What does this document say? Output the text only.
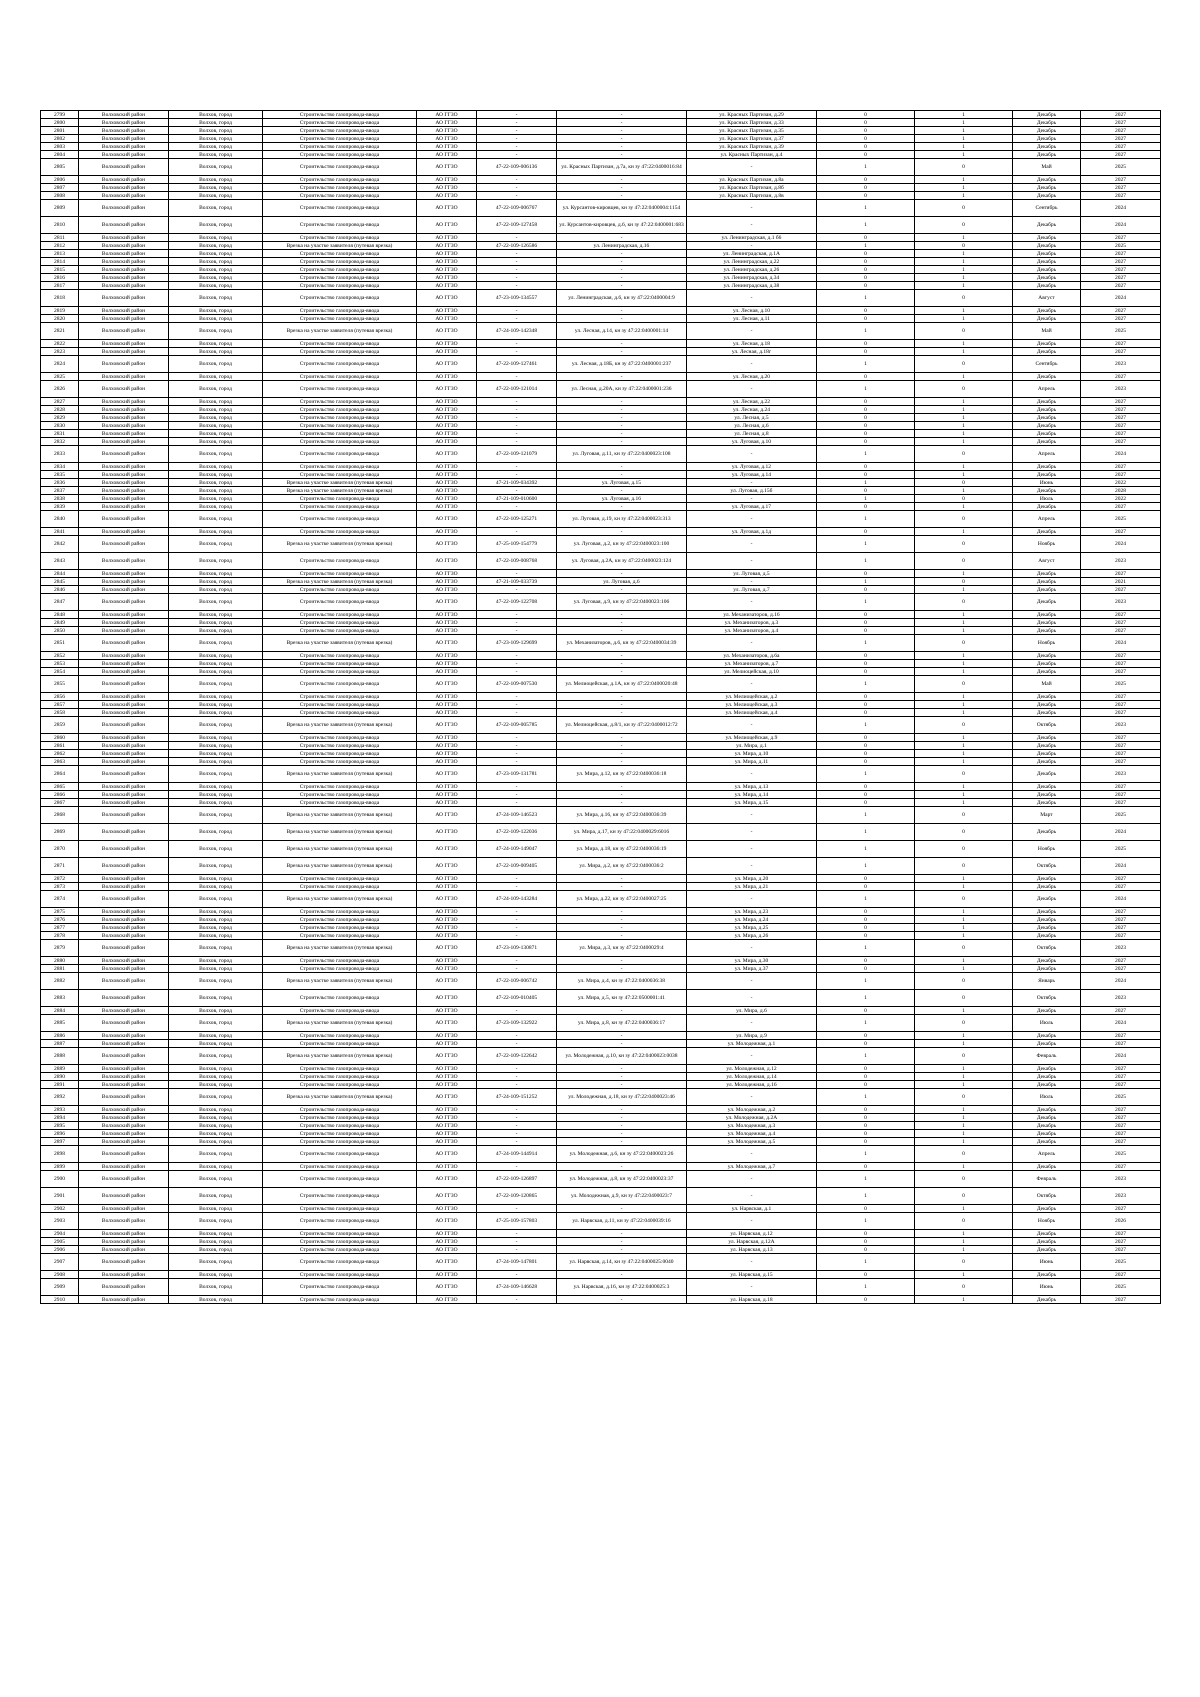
2799	Волховский район	Волхов, город	Строительство газопровода-ввода	АО ГГЗО	-	-	ул. Красных Партизан, д.29	0	1	Декабрь	2027
2800	Волховский район	Волхов, город	Строительство газопровода-ввода	АО ГГЗО	-	-	ул. Красных Партизан, д.33	0	1	Декабрь	2027
2801	Волховский район	Волхов, город	Строительство газопровода-ввода	АО ГГЗО	-	-	ул. Красных Партизан, д.35	0	1	Декабрь	2027
2802	Волховский район	Волхов, город	Строительство газопровода-ввода	АО ГГЗО	-	-	ул. Красных Партизан, д.37	0	1	Декабрь	2027
2803	Волховский район	Волхов, город	Строительство газопровода-ввода	АО ГГЗО	-	-	ул. Красных Партизан, д.39	0	1	Декабрь	2027
2804	Волховский район	Волхов, город	Строительство газопровода-ввода	АО ГГЗО	-	-	ул. Красных Партизан, д.4	0	1	Декабрь	2027
2805	Волховский район	Волхов, город	Строительство газопровода-ввода	АО ГГЗО	47-22-109-006136	ул. Красных Партизан, д.7а, кн зу 47:22:0400016:84	-	1	0	Май	2025
2806	Волховский район	Волхов, город	Строительство газопровода-ввода	АО ГГЗО	-	-	ул. Красных Партизан, д.8а	0	1	Декабрь	2027
2807	Волховский район	Волхов, город	Строительство газопровода-ввода	АО ГГЗО	-	-	ул. Красных Партизан, д.8б	0	1	Декабрь	2027
2808	Волховский район	Волхов, город	Строительство газопровода-ввода	АО ГГЗО	-	-	ул. Красных Партизан, д.8в	0	1	Декабрь	2027
2809	Волховский район	Волхов, город	Строительство газопровода-ввода	АО ГГЗО	47-22-109-006767	ул. Курсантов-кировцев, кн зу 47:22:0400004:1154	-	1	0	Сентябрь	2024
2810	Волховский район	Волхов, город	Строительство газопровода-ввода	АО ГГЗО	47-22-109-127458	ул. Курсантов-кировцев, д.6, кн зу 47:22:0400001:683	-	1	0	Декабрь	2024
2811	Волховский район	Волхов, город	Строительство газопровода-ввода	АО ГГЗО	-	-	ул. Ленинградская, д.1 б6	0	1	Декабрь	2027
2812	Волховский район	Волхов, город	Врезка на участке заявителя (путевая врезка)	АО ГГЗО	47-22-109-126586	ул. Ленинградская, д.16	-	1	0	Декабрь	2025
2813	Волховский район	Волхов, город	Строительство газопровода-ввода	АО ГГЗО	-	-	ул. Ленинградская, д.1А	0	1	Декабрь	2027
2814	Волховский район	Волхов, город	Строительство газопровода-ввода	АО ГГЗО	-	-	ул. Ленинградская, д.22	0	1	Декабрь	2027
2815	Волховский район	Волхов, город	Строительство газопровода-ввода	АО ГГЗО	-	-	ул. Ленинградская, д.26	0	1	Декабрь	2027
2816	Волховский район	Волхов, город	Строительство газопровода-ввода	АО ГГЗО	-	-	ул. Ленинградская, д.34	0	1	Декабрь	2027
2817	Волховский район	Волхов, город	Строительство газопровода-ввода	АО ГГЗО	-	-	ул. Ленинградская, д.38	0	1	Декабрь	2027
2818	Волховский район	Волхов, город	Строительство газопровода-ввода	АО ГГЗО	47-23-109-134557	ул. Ленинградская, д.6, кн зу 47:22:0400004:9	-	1	0	Август	2024
2819	Волховский район	Волхов, город	Строительство газопровода-ввода	АО ГГЗО	-	-	ул. Лесная, д.10	0	1	Декабрь	2027
2820	Волховский район	Волхов, город	Строительство газопровода-ввода	АО ГГЗО	-	-	ул. Лесная, д.11	0	1	Декабрь	2027
2821	Волховский район	Волхов, город	Врезка на участке заявителя (путевая врезка)	АО ГГЗО	47-24-109-142348	ул. Лесная, д.14, кн зу 47:22:0400001:14	-	1	0	Май	2025
2822	Волховский район	Волхов, город	Строительство газопровода-ввода	АО ГГЗО	-	-	ул. Лесная, д.18	0	1	Декабрь	2027
2823	Волховский район	Волхов, город	Строительство газопровода-ввода	АО ГГЗО	-	-	ул. Лесная, д.18г	0	1	Декабрь	2027
2824	Волховский район	Волхов, город	Строительство газопровода-ввода	АО ГГЗО	47-22-109-127461	ул. Лесная, д.18Б, кн зу 47:22:0400001:237	-	1	0	Сентябрь	2023
2825	Волховский район	Волхов, город	Строительство газопровода-ввода	АО ГГЗО	-	-	ул. Лесная, д.20	0	1	Декабрь	2027
2826	Волховский район	Волхов, город	Строительство газопровода-ввода	АО ГГЗО	47-22-109-121014	ул. Лесная, д.20А, кн зу 47:22:0400001:236	-	1	0	Апрель	2023
2827	Волховский район	Волхов, город	Строительство газопровода-ввода	АО ГГЗО	-	-	ул. Лесная, д.22	0	1	Декабрь	2027
2828	Волховский район	Волхов, город	Строительство газопровода-ввода	АО ГГЗО	-	-	ул. Лесная, д.24	0	1	Декабрь	2027
2829	Волховский район	Волхов, город	Строительство газопровода-ввода	АО ГГЗО	-	-	ул. Лесная, д.5	0	1	Декабрь	2027
2830	Волховский район	Волхов, город	Строительство газопровода-ввода	АО ГГЗО	-	-	ул. Лесная, д.6	0	1	Декабрь	2027
2831	Волховский район	Волхов, город	Строительство газопровода-ввода	АО ГГЗО	-	-	ул. Лесная, д.8	0	1	Декабрь	2027
2832	Волховский район	Волхов, город	Строительство газопровода-ввода	АО ГГЗО	-	-	ул. Луговая, д.10	0	1	Декабрь	2027
2833	Волховский район	Волхов, город	Строительство газопровода-ввода	АО ГГЗО	47-22-109-121079	ул. Луговая, д.11, кн зу 47:22:0400023:108	-	1	0	Апрель	2024
2834	Волховский район	Волхов, город	Строительство газопровода-ввода	АО ГГЗО	-	-	ул. Луговая, д.12	0	1	Декабрь	2027
2835	Волховский район	Волхов, город	Строительство газопровода-ввода	АО ГГЗО	-	-	ул. Луговая, д.14	0	1	Декабрь	2027
2836	Волховский район	Волхов, город	Врезка на участке заявителя (путевая врезка)	АО ГГЗО	47-21-109-034392	ул. Луговая, д.15	-	1	0	Июнь	2022
2837	Волховский район	Волхов, город	Врезка на участке заявителя (путевая врезка)	АО ГГЗО	-	-	ул. Луговая, д.15б	0	1	Декабрь	2028
2838	Волховский район	Волхов, город	Строительство газопровода-ввода	АО ГГЗО	47-21-109-010600	ул. Луговая, д.16	-	1	0	Июль	2022
2839	Волховский район	Волхов, город	Строительство газопровода-ввода	АО ГГЗО	-	-	ул. Луговая, д.17	0	1	Декабрь	2027
2840	Волховский район	Волхов, город	Строительство газопровода-ввода	АО ГГЗО	47-22-109-125271	ул. Луговая, д.19, кн зу 47:22:0400023:313	-	1	0	Апрель	2025
2841	Волховский район	Волхов, город	Строительство газопровода-ввода	АО ГГЗО	-	-	ул. Луговая, д.1д	0	1	Декабрь	2027
2842	Волховский район	Волхов, город	Врезка на участке заявителя (путевая врезка)	АО ГГЗО	47-25-109-154779	ул. Луговая, д.2, кн зу 47:22:0400023:100	-	1	0	Ноябрь	2024
2843	Волховский район	Волхов, город	Строительство газопровода-ввода	АО ГГЗО	47-22-109-008768	ул. Луговая, д.2А, кн зу 47:22:0400023:124	-	1	0	Август	2023
2844	Волховский район	Волхов, город	Строительство газопровода-ввода	АО ГГЗО	-	-	ул. Луговая, д.5	0	1	Декабрь	2027
2845	Волховский район	Волхов, город	Врезка на участке заявителя (путевая врезка)	АО ГГЗО	47-21-109-033739	ул. Луговая, д.6	-	1	0	Декабрь	2021
2846	Волховский район	Волхов, город	Строительство газопровода-ввода	АО ГГЗО	-	-	ул. Луговая, д.7	0	1	Декабрь	2027
2847	Волховский район	Волхов, город	Строительство газопровода-ввода	АО ГГЗО	47-22-109-122708	ул. Луговая, д.9, кн зу 47:22:0400023:106	-	1	0	Декабрь	2023
2848	Волховский район	Волхов, город	Строительство газопровода-ввода	АО ГГЗО	-	-	ул. Механизаторов, д.16	0	1	Декабрь	2027
2849	Волховский район	Волхов, город	Строительство газопровода-ввода	АО ГГЗО	-	-	ул. Механизаторов, д.3	0	1	Декабрь	2027
2850	Волховский район	Волхов, город	Строительство газопровода-ввода	АО ГГЗО	-	-	ул. Механизаторов, д.4	0	1	Декабрь	2027
2851	Волховский район	Волхов, город	Врезка на участке заявителя (путевая врезка)	АО ГГЗО	47-23-109-129699	ул. Механизаторов, д.6, кн зу 47:22:0400034:39	-	1	0	Ноябрь	2024
2852	Волховский район	Волхов, город	Строительство газопровода-ввода	АО ГГЗО	-	-	ул. Механизаторов, д.6а	0	1	Декабрь	2027
2853	Волховский район	Волхов, город	Строительство газопровода-ввода	АО ГГЗО	-	-	ул. Механизаторов, д.7	0	1	Декабрь	2027
2854	Волховский район	Волхов, город	Строительство газопровода-ввода	АО ГГЗО	-	-	ул. Мелиоцейская, д.10	0	1	Декабрь	2027
2855	Волховский район	Волхов, город	Строительство газопровода-ввода	АО ГГЗО	47-22-109-007530	ул. Мелиоцейская, д.1А, кн зу 47:22:0400020:48	-	1	0	Май	2025
2856	Волховский район	Волхов, город	Строительство газопровода-ввода	АО ГГЗО	-	-	ул. Мелиоцейская, д.2	0	1	Декабрь	2027
2857	Волховский район	Волхов, город	Строительство газопровода-ввода	АО ГГЗО	-	-	ул. Мелиоцейская, д.3	0	1	Декабрь	2027
2858	Волховский район	Волхов, город	Строительство газопровода-ввода	АО ГГЗО	-	-	ул. Мелиоцейская, д.4	0	1	Декабрь	2027
2859	Волховский район	Волхов, город	Врезка на участке заявителя (путевая врезка)	АО ГГЗО	47-22-109-005785	ул. Мелиоцейская, д.8/1, кн зу 47:22:0400012:72	-	1	0	Октябрь	2023
2860	Волховский район	Волхов, город	Строительство газопровода-ввода	АО ГГЗО	-	-	ул. Мелиоцейская, д.9	0	1	Декабрь	2027
2861	Волховский район	Волхов, город	Строительство газопровода-ввода	АО ГГЗО	-	-	ул. Мира, д.1	0	1	Декабрь	2027
2862	Волховский район	Волхов, город	Строительство газопровода-ввода	АО ГГЗО	-	-	ул. Мира, д.10	0	1	Декабрь	2027
2863	Волховский район	Волхов, город	Строительство газопровода-ввода	АО ГГЗО	-	-	ул. Мира, д.11	0	1	Декабрь	2027
2864	Волховский район	Волхов, город	Врезка на участке заявителя (путевая врезка)	АО ГГЗО	47-23-109-131781	ул. Мира, д.12, кн зу 47:22:0400036:18	-	1	0	Декабрь	2023
2865	Волховский район	Волхов, город	Строительство газопровода-ввода	АО ГГЗО	-	-	ул. Мира, д.13	0	1	Декабрь	2027
2866	Волховский район	Волхов, город	Строительство газопровода-ввода	АО ГГЗО	-	-	ул. Мира, д.14	0	1	Декабрь	2027
2867	Волховский район	Волхов, город	Строительство газопровода-ввода	АО ГГЗО	-	-	ул. Мира, д.15	0	1	Декабрь	2027
2868	Волховский район	Волхов, город	Врезка на участке заявителя (путевая врезка)	АО ГГЗО	47-24-109-146523	ул. Мира, д.16, кн зу 47:22:0400036:39	-	1	0	Март	2025
2869	Волховский район	Волхов, город	Врезка на участке заявителя (путевая врезка)	АО ГГЗО	47-22-109-122036	ул. Мира, д.17, кн зу 47:22:0400029:6016	-	1	0	Декабрь	2024
2870	Волховский район	Волхов, город	Врезка на участке заявителя (путевая врезка)	АО ГГЗО	47-24-109-149047	ул. Мира, д.18, кн зу 47:22:0400036:19	-	1	0	Ноябрь	2025
2871	Волховский район	Волхов, город	Врезка на участке заявителя (путевая врезка)	АО ГГЗО	47-22-109-009405	ул. Мира, д.2, кн зу 47:22:0400036:2	-	1	0	Октябрь	2024
2872	Волховский район	Волхов, город	Строительство газопровода-ввода	АО ГГЗО	-	-	ул. Мира, д.20	0	1	Декабрь	2027
2873	Волховский район	Волхов, город	Строительство газопровода-ввода	АО ГГЗО	-	-	ул. Мира, д.21	0	1	Декабрь	2027
2874	Волховский район	Волхов, город	Врезка на участке заявителя (путевая врезка)	АО ГГЗО	47-24-109-143284	ул. Мира, д.22, кн зу 47:22:0400027:25	-	1	0	Декабрь	2024
2875	Волховский район	Волхов, город	Строительство газопровода-ввода	АО ГГЗО	-	-	ул. Мира, д.23	0	1	Декабрь	2027
2876	Волховский район	Волхов, город	Строительство газопровода-ввода	АО ГГЗО	-	-	ул. Мира, д.24	0	1	Декабрь	2027
2877	Волховский район	Волхов, город	Строительство газопровода-ввода	АО ГГЗО	-	-	ул. Мира, д.25	0	1	Декабрь	2027
2878	Волховский район	Волхов, город	Строительство газопровода-ввода	АО ГГЗО	-	-	ул. Мира, д.26	0	1	Декабрь	2027
2879	Волховский район	Волхов, город	Врезка на участке заявителя (путевая врезка)	АО ГГЗО	47-23-109-130871	ул. Мира, д.3, кн зу 47:22:0400029:4	-	1	0	Октябрь	2023
2880	Волховский район	Волхов, город	Строительство газопровода-ввода	АО ГГЗО	-	-	ул. Мира, д.30	0	1	Декабрь	2027
2881	Волховский район	Волхов, город	Строительство газопровода-ввода	АО ГГЗО	-	-	ул. Мира, д.37	0	1	Декабрь	2027
2882	Волховский район	Волхов, город	Врезка на участке заявителя (путевая врезка)	АО ГГЗО	47-22-109-006742	ул. Мира, д.4, кн зу 47:22:0400036:38	-	1	0	Январь	2024
2883	Волховский район	Волхов, город	Строительство газопровода-ввода	АО ГГЗО	47-22-109-010405	ул. Мира, д.5, кн зу 47:22:0500001:41	-	1	0	Октябрь	2023
2884	Волховский район	Волхов, город	Строительство газопровода-ввода	АО ГГЗО	-	-	ул. Мира, д.6	0	1	Декабрь	2027
2885	Волховский район	Волхов, город	Врезка на участке заявителя (путевая врезка)	АО ГГЗО	47-23-109-132922	ул. Мира, д.8, кн зу 47:22:0400036:17	-	1	0	Июль	2024
2886	Волховский район	Волхов, город	Строительство газопровода-ввода	АО ГГЗО	-	-	ул. Мира, д.9	0	1	Декабрь	2027
2887	Волховский район	Волхов, город	Строительство газопровода-ввода	АО ГГЗО	-	-	ул. Молодежная, д.1	0	1	Декабрь	2027
2888	Волховский район	Волхов, город	Врезка на участке заявителя (путевая врезка)	АО ГГЗО	47-22-109-122642	ул. Молодежная, д.10, кн зу 47:22:0400023:0038	-	1	0	Февраль	2024
2889	Волховский район	Волхов, город	Строительство газопровода-ввода	АО ГГЗО	-	-	ул. Молодежная, д.12	0	1	Декабрь	2027
2890	Волховский район	Волхов, город	Строительство газопровода-ввода	АО ГГЗО	-	-	ул. Молодежная, д.14	0	1	Декабрь	2027
2891	Волховский район	Волхов, город	Строительство газопровода-ввода	АО ГГЗО	-	-	ул. Молодежная, д.16	0	1	Декабрь	2027
2892	Волховский район	Волхов, город	Врезка на участке заявителя (путевая врезка)	АО ГГЗО	47-24-109-151252	ул. Молодежная, д.18, кн зу 47:22:0400023:46	-	1	0	Июль	2025
2893	Волховский район	Волхов, город	Строительство газопровода-ввода	АО ГГЗО	-	-	ул. Молодежная, д.2	0	1	Декабрь	2027
2894	Волховский район	Волхов, город	Строительство газопровода-ввода	АО ГГЗО	-	-	ул. Молодежная, д.2А	0	1	Декабрь	2027
2895	Волховский район	Волхов, город	Строительство газопровода-ввода	АО ГГЗО	-	-	ул. Молодежная, д.3	0	1	Декабрь	2027
2896	Волховский район	Волхов, город	Строительство газопровода-ввода	АО ГГЗО	-	-	ул. Молодежная, д.4	0	1	Декабрь	2027
2897	Волховский район	Волхов, город	Строительство газопровода-ввода	АО ГГЗО	-	-	ул. Молодежная, д.5	0	1	Декабрь	2027
2898	Волховский район	Волхов, город	Строительство газопровода-ввода	АО ГГЗО	47-24-109-144914	ул. Молодежная, д.6, кн зу 47:22:0400023:26	-	1	0	Апрель	2025
2899	Волховский район	Волхов, город	Строительство газопровода-ввода	АО ГГЗО	-	-	ул. Молодежная, д.7	0	1	Декабрь	2027
2900	Волховский район	Волхов, город	Строительство газопровода-ввода	АО ГГЗО	47-22-109-126897	ул. Молодежная, д.8, кн зу 47:22:0400023:37	-	1	0	Февраль	2023
2901	Волховский район	Волхов, город	Строительство газопровода-ввода	АО ГГЗО	47-22-109-120865	ул. Молодежная, д.9, кн зу 47:22:0400023:7	-	1	0	Октябрь	2023
2902	Волховский район	Волхов, город	Строительство газопровода-ввода	АО ГГЗО	-	-	ул. Нарвская, д.1	0	1	Декабрь	2027
2903	Волховский район	Волхов, город	Строительство газопровода-ввода	АО ГГЗО	47-25-109-157803	ул. Нарвская, д.11, кн зу 47:22:0400039:16	-	1	0	Ноябрь	2026
2904	Волховский район	Волхов, город	Строительство газопровода-ввода	АО ГГЗО	-	-	ул. Нарвская, д.12	0	1	Декабрь	2027
2905	Волховский район	Волхов, город	Строительство газопровода-ввода	АО ГГЗО	-	-	ул. Нарвская, д.12А	0	1	Декабрь	2027
2906	Волховский район	Волхов, город	Строительство газопровода-ввода	АО ГГЗО	-	-	ул. Нарвская, д.13	0	1	Декабрь	2027
2907	Волховский район	Волхов, город	Строительство газопровода-ввода	АО ГГЗО	47-24-109-147801	ул. Нарвская, д.14, кн зу 47:22:0400025:0040	-	1	0	Июнь	2025
2908	Волховский район	Волхов, город	Строительство газопровода-ввода	АО ГГЗО	-	-	ул. Нарвская, д.15	0	1	Декабрь	2027
2909	Волховский район	Волхов, город	Строительство газопровода-ввода	АО ГГЗО	47-24-109-146628	ул. Нарвская, д.16, кн зу 47:22:0400025:3	-	1	0	Июнь	2025
2910	Волховский район	Волхов, город	Строительство газопровода-ввода	АО ГГЗО	-	-	ул. Нарвская, д.18	0	1	Декабрь	2027
